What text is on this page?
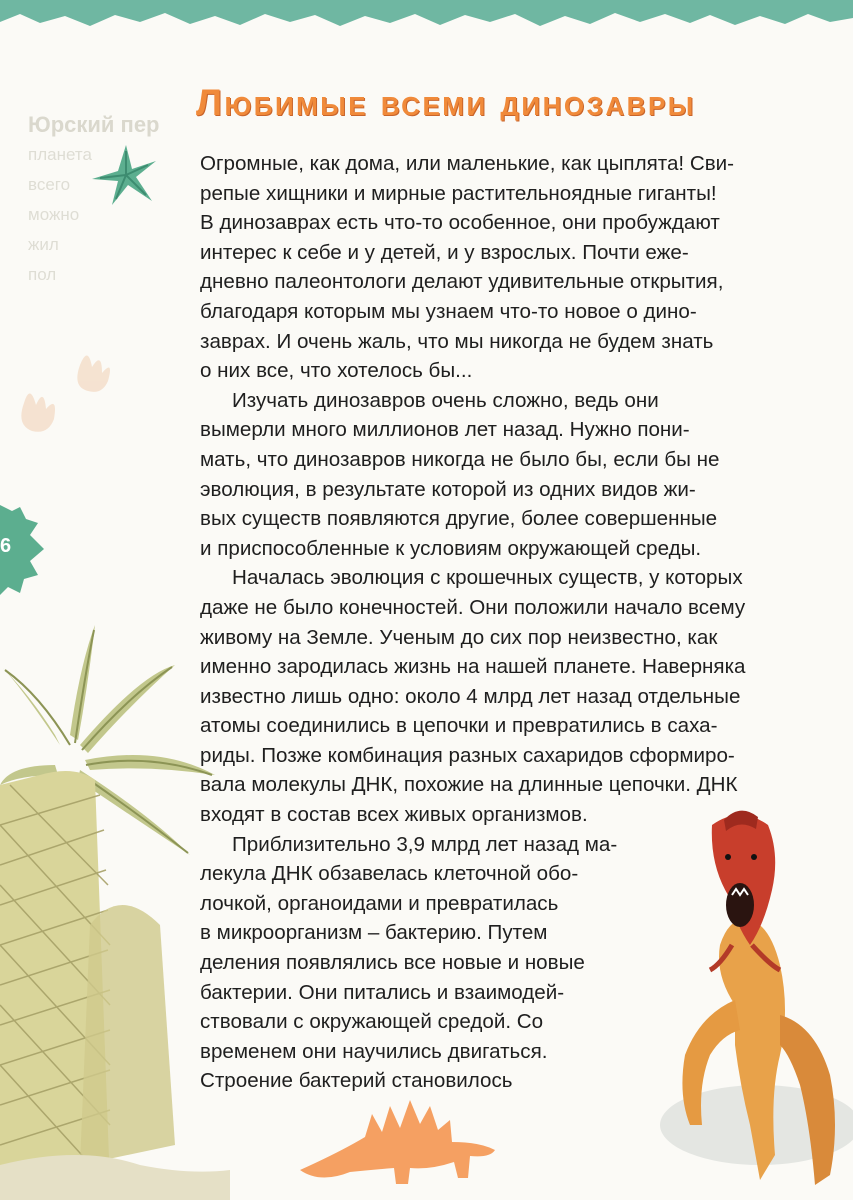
Юрский пер
планета
всего
можно
жил
пол
6
Любимые всеми динозавры

Огромные, как дома, или маленькие, как цыплята! Сви-
репые хищники и мирные растительноядные гиганты!
В динозаврах есть что-то особенное, они пробуждают
интерес к себе и у детей, и у взрослых. Почти еже-
дневно палеонтологи делают удивительные открытия,
благодаря которым мы узнаем что-то новое о дино-
заврах. И очень жаль, что мы никогда не будем знать
о них все, что хотелось бы...

Изучать динозавров очень сложно, ведь они
вымерли много миллионов лет назад. Нужно пони-
мать, что динозавров никогда не было бы, если бы не
эволюция, в результате которой из одних видов жи-
вых существ появляются другие, более совершенные
и приспособленные к условиям окружающей среды.

Началась эволюция с крошечных существ, у которых
даже не было конечностей. Они положили начало всему
живому на Земле. Ученым до сих пор неизвестно, как
именно зародилась жизнь на нашей планете. Наверняка
известно лишь одно: около 4 млрд лет назад отдельные
атомы соединились в цепочки и превратились в саха-
риды. Позже комбинация разных сахаридов сформиро-
вала молекулы ДНК, похожие на длинные цепочки. ДНК
входят в состав всех живых организмов.

Приблизительно 3,9 млрд лет назад ма-
лекула ДНК обзавелась клеточной обо-
лочкой, органоидами и превратилась
в микроорганизм – бактерию. Путем
деления появлялись все новые и новые
бактерии. Они питались и взаимодей-
ствовали с окружающей средой. Со
временем они научились двигаться.
Строение бактерий становилось
